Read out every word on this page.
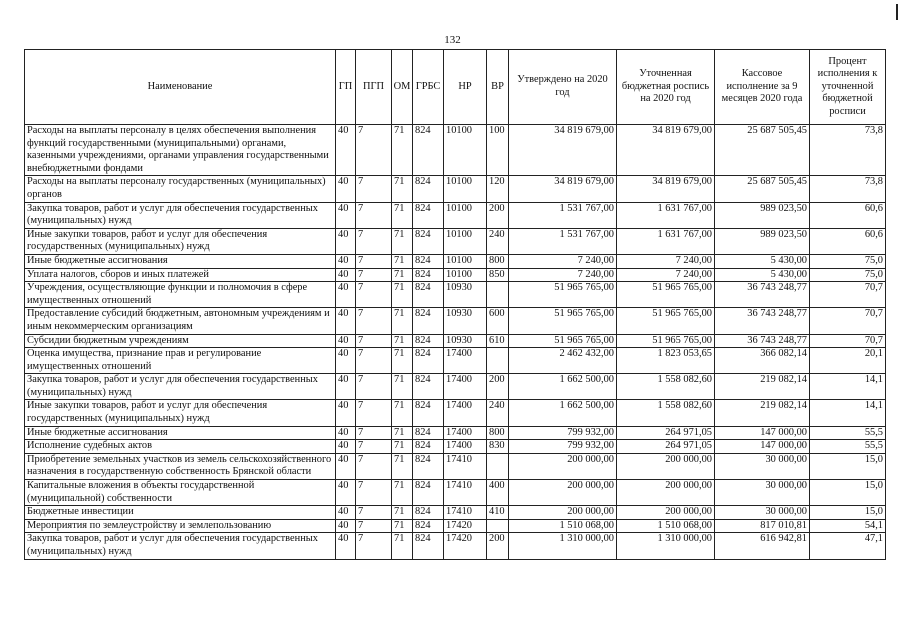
132
Наименование	ГП	ПГП	ОМ	ГРБС	НР	ВР	Утверждено на 2020 год	Уточненная бюджетная роспись на 2020 год	Кассовое исполнение за 9 месяцев 2020 года	Процент исполнения к уточненной бюджетной росписи
Расходы на выплаты персоналу в целях обеспечения выполнения функций государственными (муниципальными) органами, казенными учреждениями, органами управления государственными внебюджетными фондами	40	7	71	824	10100	100	34 819 679,00	34 819 679,00	25 687 505,45	73,8
Расходы на выплаты персоналу государственных (муниципальных) органов	40	7	71	824	10100	120	34 819 679,00	34 819 679,00	25 687 505,45	73,8
Закупка товаров, работ и услуг для обеспечения государственных (муниципальных) нужд	40	7	71	824	10100	200	1 531 767,00	1 631 767,00	989 023,50	60,6
Иные закупки товаров, работ и услуг для обеспечения государственных (муниципальных) нужд	40	7	71	824	10100	240	1 531 767,00	1 631 767,00	989 023,50	60,6
Иные бюджетные ассигнования	40	7	71	824	10100	800	7 240,00	7 240,00	5 430,00	75,0
Уплата налогов, сборов и иных платежей	40	7	71	824	10100	850	7 240,00	7 240,00	5 430,00	75,0
Учреждения, осуществляющие функции и полномочия в сфере имущественных отношений	40	7	71	824	10930		51 965 765,00	51 965 765,00	36 743 248,77	70,7
Предоставление субсидий бюджетным, автономным учреждениям и иным некоммерческим организациям	40	7	71	824	10930	600	51 965 765,00	51 965 765,00	36 743 248,77	70,7
Субсидии бюджетным учреждениям	40	7	71	824	10930	610	51 965 765,00	51 965 765,00	36 743 248,77	70,7
Оценка имущества, признание прав и регулирование имущественных отношений	40	7	71	824	17400		2 462 432,00	1 823 053,65	366 082,14	20,1
Закупка товаров, работ и услуг для обеспечения государственных (муниципальных) нужд	40	7	71	824	17400	200	1 662 500,00	1 558 082,60	219 082,14	14,1
Иные закупки товаров, работ и услуг для обеспечения государственных (муниципальных) нужд	40	7	71	824	17400	240	1 662 500,00	1 558 082,60	219 082,14	14,1
Иные бюджетные ассигнования	40	7	71	824	17400	800	799 932,00	264 971,05	147 000,00	55,5
Исполнение судебных актов	40	7	71	824	17400	830	799 932,00	264 971,05	147 000,00	55,5
Приобретение земельных участков из земель сельскохозяйственного назначения в государственную собственность Брянской области	40	7	71	824	17410		200 000,00	200 000,00	30 000,00	15,0
Капитальные вложения в объекты государственной (муниципальной) собственности	40	7	71	824	17410	400	200 000,00	200 000,00	30 000,00	15,0
Бюджетные инвестиции	40	7	71	824	17410	410	200 000,00	200 000,00	30 000,00	15,0
Мероприятия по землеустройству и землепользованию	40	7	71	824	17420		1 510 068,00	1 510 068,00	817 010,81	54,1
Закупка товаров, работ и услуг для обеспечения государственных (муниципальных) нужд	40	7	71	824	17420	200	1 310 000,00	1 310 000,00	616 942,81	47,1
